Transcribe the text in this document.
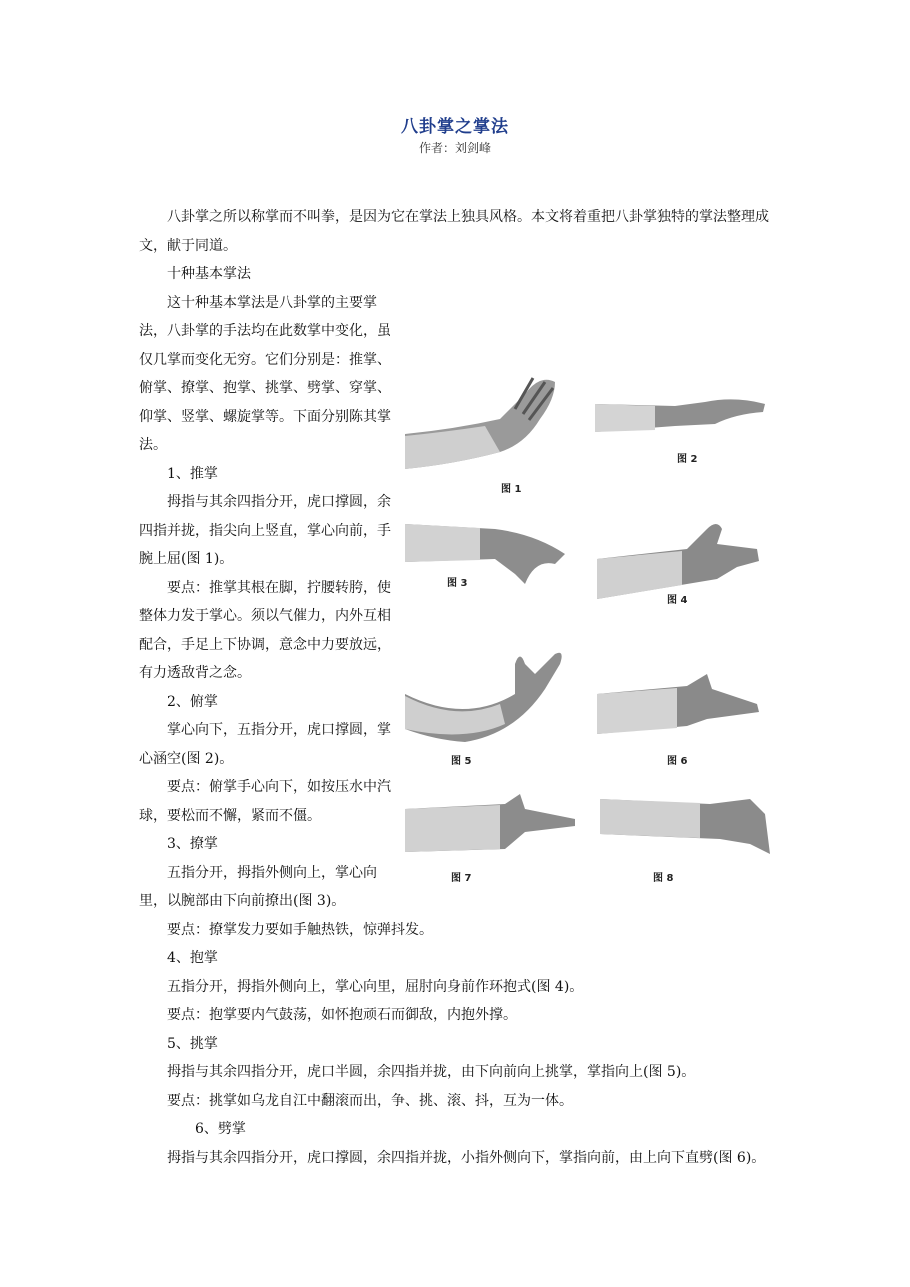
八卦掌之掌法
作者：刘剑峰

八卦掌之所以称掌而不叫拳，是因为它在掌法上独具风格。本文将着重把八卦掌独特的掌法整理成文，献于同道。

十种基本掌法

图 1
图 2
图 3
图 4
图 5	图 6
图 7	图 8

这十种基本掌法是八卦掌的主要掌法，八卦掌的手法均在此数掌中变化，虽仅几掌而变化无穷。它们分别是：推掌、俯掌、撩掌、抱掌、挑掌、劈掌、穿掌、仰掌、竖掌、螺旋掌等。下面分别陈其掌法。

1、推掌

拇指与其余四指分开，虎口撑圆，余四指并拢，指尖向上竖直，掌心向前，手腕上屈(图 1)。

要点：推掌其根在脚，拧腰转胯，使整体力发于掌心。须以气催力，内外互相配合，手足上下协调，意念中力要放远，有力透敌背之念。

2、俯掌

掌心向下，五指分开，虎口撑圆，掌心涵空(图 2)。

要点：俯掌手心向下，如按压水中汽球，要松而不懈，紧而不僵。

3、撩掌

五指分开，拇指外侧向上，掌心向里，以腕部由下向前撩出(图 3)。

要点：撩掌发力要如手触热铁，惊弹抖发。

4、抱掌

五指分开，拇指外侧向上，掌心向里，屈肘向身前作环抱式(图 4)。

要点：抱掌要内气鼓荡，如怀抱顽石而御敌，内抱外撑。

5、挑掌

拇指与其余四指分开，虎口半圆，余四指并拢，由下向前向上挑掌，掌指向上(图 5)。

要点：挑掌如乌龙自江中翻滚而出，争、挑、滚、抖，互为一体。

6、劈掌

拇指与其余四指分开，虎口撑圆，余四指并拢，小指外侧向下，掌指向前，由上向下直劈(图 6)。
